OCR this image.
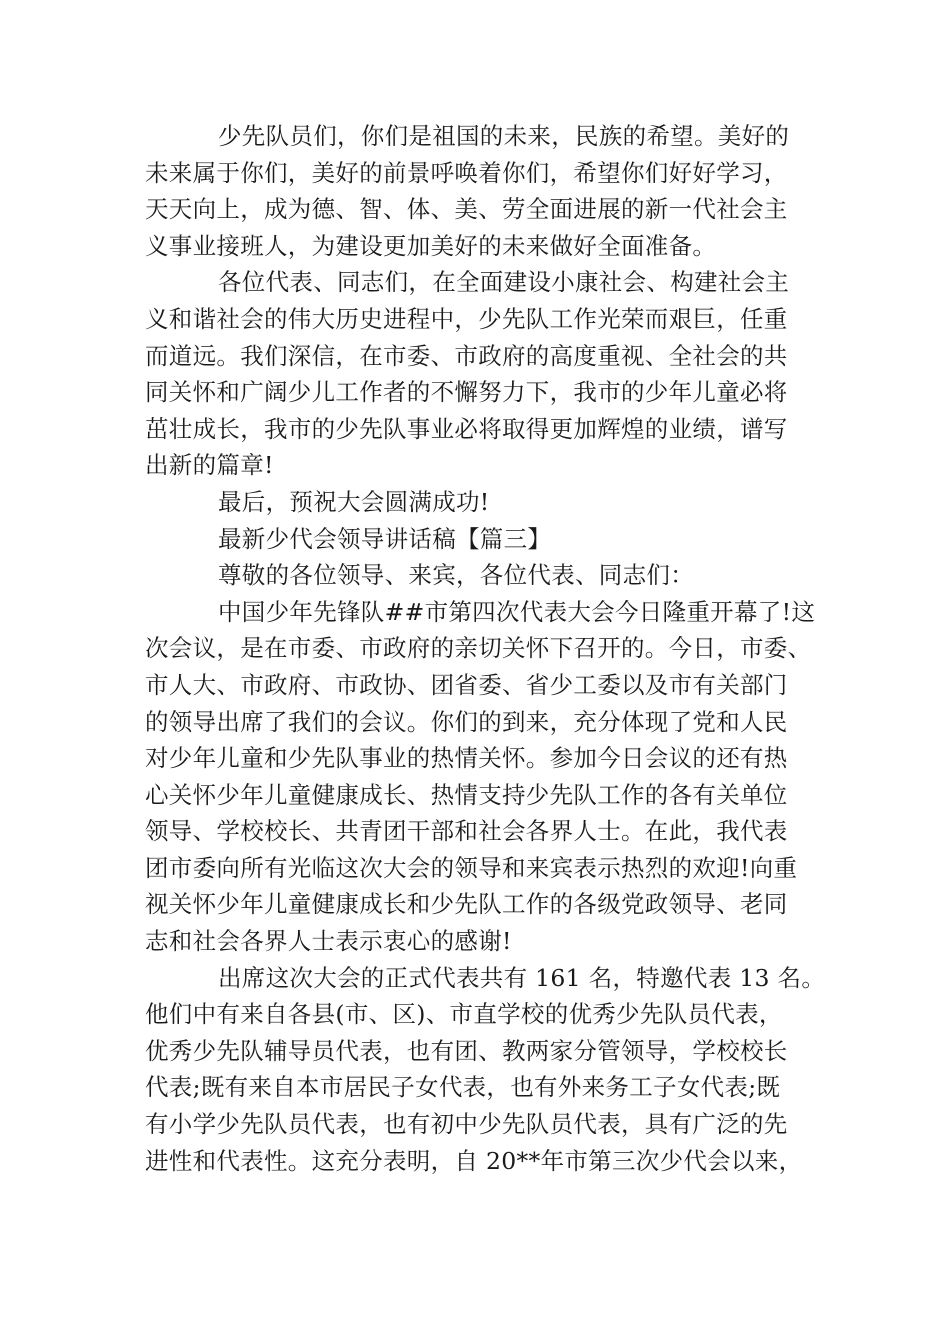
少先队员们，你们是祖国的未来，民族的希望。美好的
未来属于你们，美好的前景呼唤着你们，希望你们好好学习，
天天向上，成为德、智、体、美、劳全面进展的新一代社会主
义事业接班人，为建设更加美好的未来做好全面准备。

各位代表、同志们，在全面建设小康社会、构建社会主
义和谐社会的伟大历史进程中，少先队工作光荣而艰巨，任重
而道远。我们深信，在市委、市政府的高度重视、全社会的共
同关怀和广阔少儿工作者的不懈努力下，我市的少年儿童必将
茁壮成长，我市的少先队事业必将取得更加辉煌的业绩，谱写
出新的篇章!

最后，预祝大会圆满成功!

最新少代会领导讲话稿【篇三】

尊敬的各位领导、来宾，各位代表、同志们：

中国少年先锋队##市第四次代表大会今日隆重开幕了!这
次会议，是在市委、市政府的亲切关怀下召开的。今日，市委、
市人大、市政府、市政协、团省委、省少工委以及市有关部门
的领导出席了我们的会议。你们的到来，充分体现了党和人民
对少年儿童和少先队事业的热情关怀。参加今日会议的还有热
心关怀少年儿童健康成长、热情支持少先队工作的各有关单位
领导、学校校长、共青团干部和社会各界人士。在此，我代表
团市委向所有光临这次大会的领导和来宾表示热烈的欢迎!向重
视关怀少年儿童健康成长和少先队工作的各级党政领导、老同
志和社会各界人士表示衷心的感谢!

出席这次大会的正式代表共有 161 名，特邀代表 13 名。
他们中有来自各县(市、区)、市直学校的优秀少先队员代表，
优秀少先队辅导员代表，也有团、教两家分管领导，学校校长
代表;既有来自本市居民子女代表，也有外来务工子女代表;既
有小学少先队员代表，也有初中少先队员代表，具有广泛的先
进性和代表性。这充分表明，自 20**年市第三次少代会以来，
